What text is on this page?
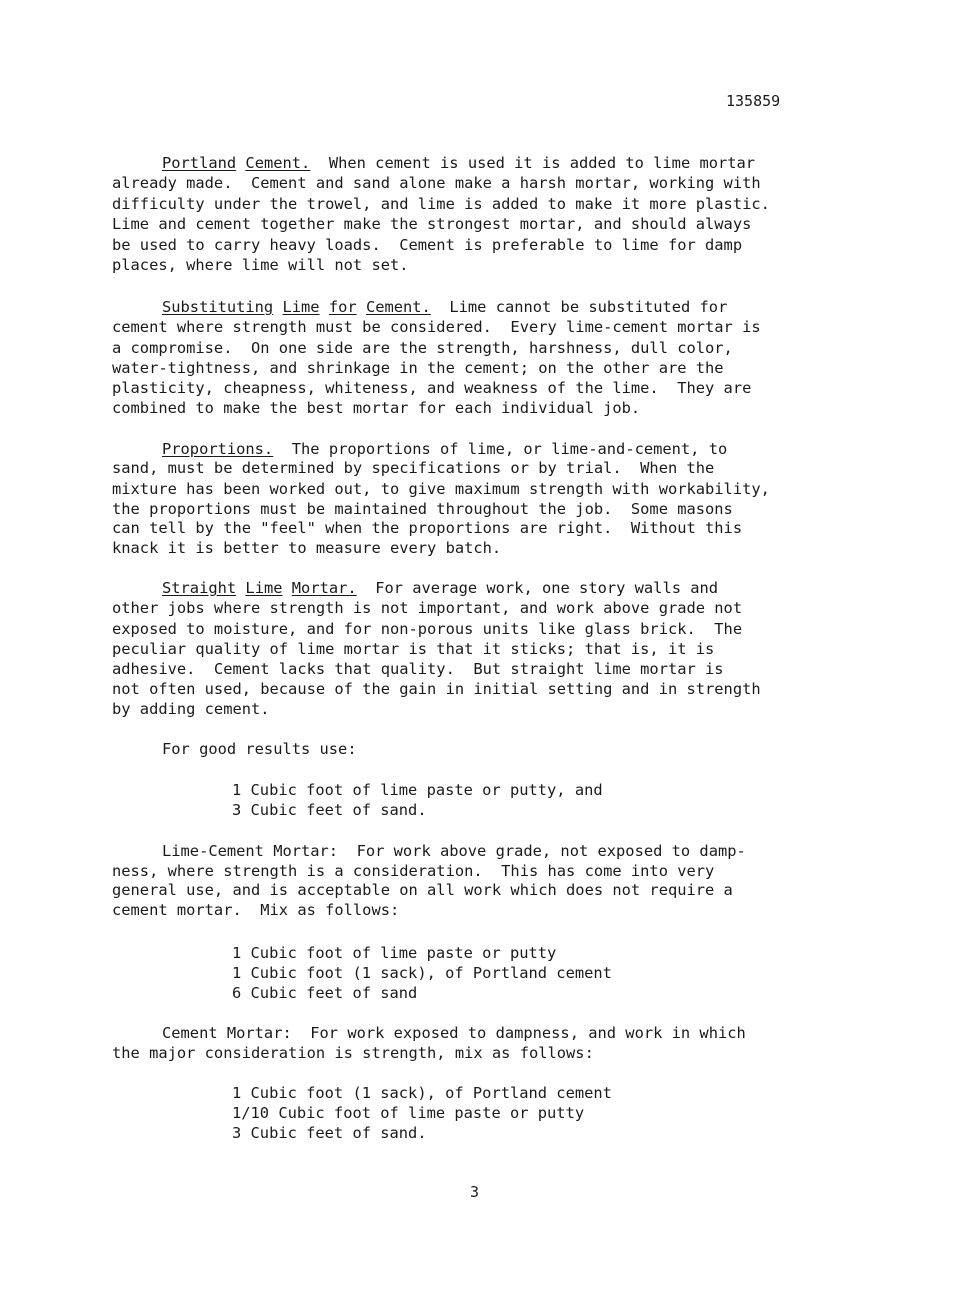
135859
Portland Cement. When cement is used it is added to lime mortar
already made.  Cement and sand alone make a harsh mortar, working with
difficulty under the trowel, and lime is added to make it more plastic.
Lime and cement together make the strongest mortar, and should always
be used to carry heavy loads.  Cement is preferable to lime for damp
places, where lime will not set.
Substituting Lime for Cement. Lime cannot be substituted for
cement where strength must be considered.  Every lime-cement mortar is
a compromise.  On one side are the strength, harshness, dull color,
water-tightness, and shrinkage in the cement; on the other are the
plasticity, cheapness, whiteness, and weakness of the lime.  They are
combined to make the best mortar for each individual job.
Proportions. The proportions of lime, or lime-and-cement, to
sand, must be determined by specifications or by trial.  When the
mixture has been worked out, to give maximum strength with workability,
the proportions must be maintained throughout the job.  Some masons
can tell by the "feel" when the proportions are right.  Without this
knack it is better to measure every batch.
Straight Lime Mortar. For average work, one story walls and
other jobs where strength is not important, and work above grade not
exposed to moisture, and for non-porous units like glass brick.  The
peculiar quality of lime mortar is that it sticks; that is, it is
adhesive.  Cement lacks that quality.  But straight lime mortar is
not often used, because of the gain in initial setting and in strength
by adding cement.
For good results use:
1 Cubic foot of lime paste or putty, and
3 Cubic feet of sand.
Lime-Cement Mortar:  For work above grade, not exposed to damp-
ness, where strength is a consideration.  This has come into very
general use, and is acceptable on all work which does not require a
cement mortar.  Mix as follows:
1 Cubic foot of lime paste or putty
1 Cubic foot (1 sack), of Portland cement
6 Cubic feet of sand
Cement Mortar:  For work exposed to dampness, and work in which
the major consideration is strength, mix as follows:
1 Cubic foot (1 sack), of Portland cement
1/10 Cubic foot of lime paste or putty
3 Cubic feet of sand.
3
